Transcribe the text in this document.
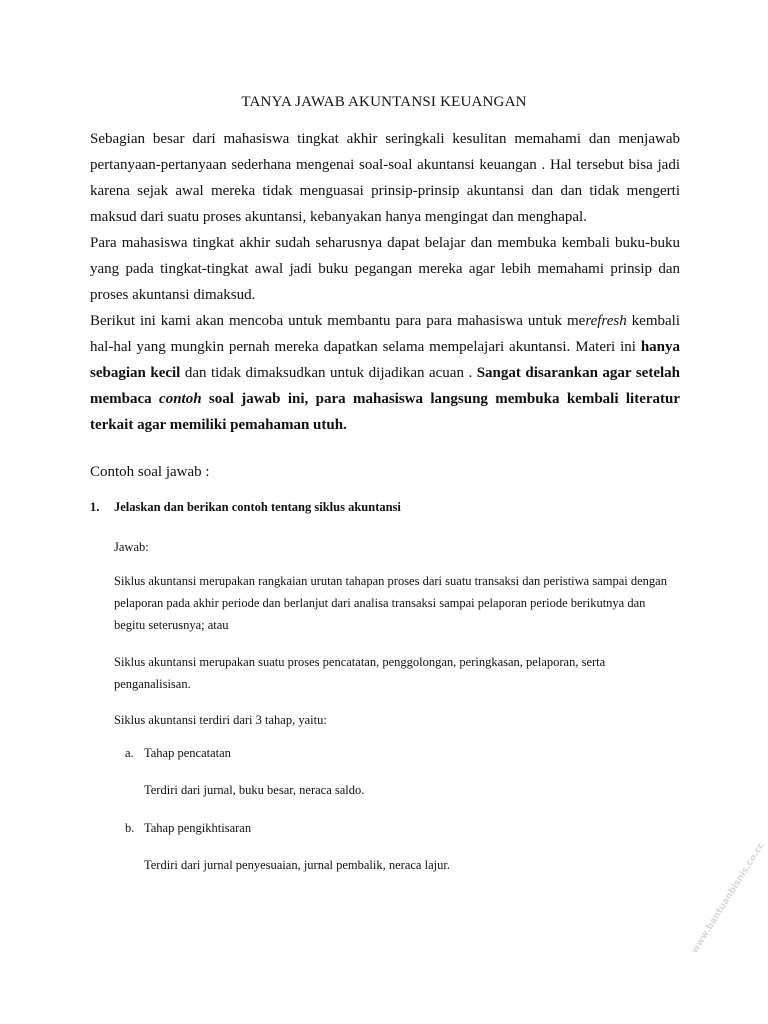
TANYA JAWAB AKUNTANSI KEUANGAN

Sebagian besar dari mahasiswa tingkat akhir seringkali kesulitan memahami dan menjawab pertanyaan-pertanyaan sederhana mengenai soal-soal akuntansi keuangan . Hal tersebut bisa jadi karena sejak awal mereka tidak menguasai prinsip-prinsip akuntansi dan dan tidak mengerti maksud dari suatu proses akuntansi, kebanyakan hanya mengingat dan menghapal.

Para mahasiswa tingkat akhir sudah seharusnya dapat belajar dan membuka kembali buku-buku yang pada tingkat-tingkat awal jadi buku pegangan mereka agar lebih memahami prinsip dan proses akuntansi dimaksud.

Berikut ini kami akan mencoba untuk membantu para para mahasiswa untuk merefresh kembali hal-hal yang mungkin pernah mereka dapatkan selama mempelajari akuntansi. Materi ini hanya sebagian kecil dan tidak dimaksudkan untuk dijadikan acuan . Sangat disarankan agar setelah membaca contoh soal jawab ini, para mahasiswa langsung membuka kembali literatur terkait agar memiliki pemahaman utuh.

Contoh soal jawab :
1. Jelaskan dan berikan contoh tentang siklus akuntansi
Jawab:
Siklus akuntansi merupakan rangkaian urutan tahapan proses dari suatu transaksi dan peristiwa sampai dengan pelaporan pada akhir periode dan berlanjut dari analisa transaksi sampai pelaporan periode berikutnya dan begitu seterusnya; atau
Siklus akuntansi merupakan suatu proses pencatatan, penggolongan, peringkasan, pelaporan, serta penganalisisan.
Siklus akuntansi terdiri dari 3 tahap, yaitu:
a. Tahap pencatatan
Terdiri dari jurnal, buku besar, neraca saldo.
b. Tahap pengikhtisaran
Terdiri dari jurnal penyesuaian, jurnal pembalik, neraca lajur.	www.bantuanbisnis.co.cc
